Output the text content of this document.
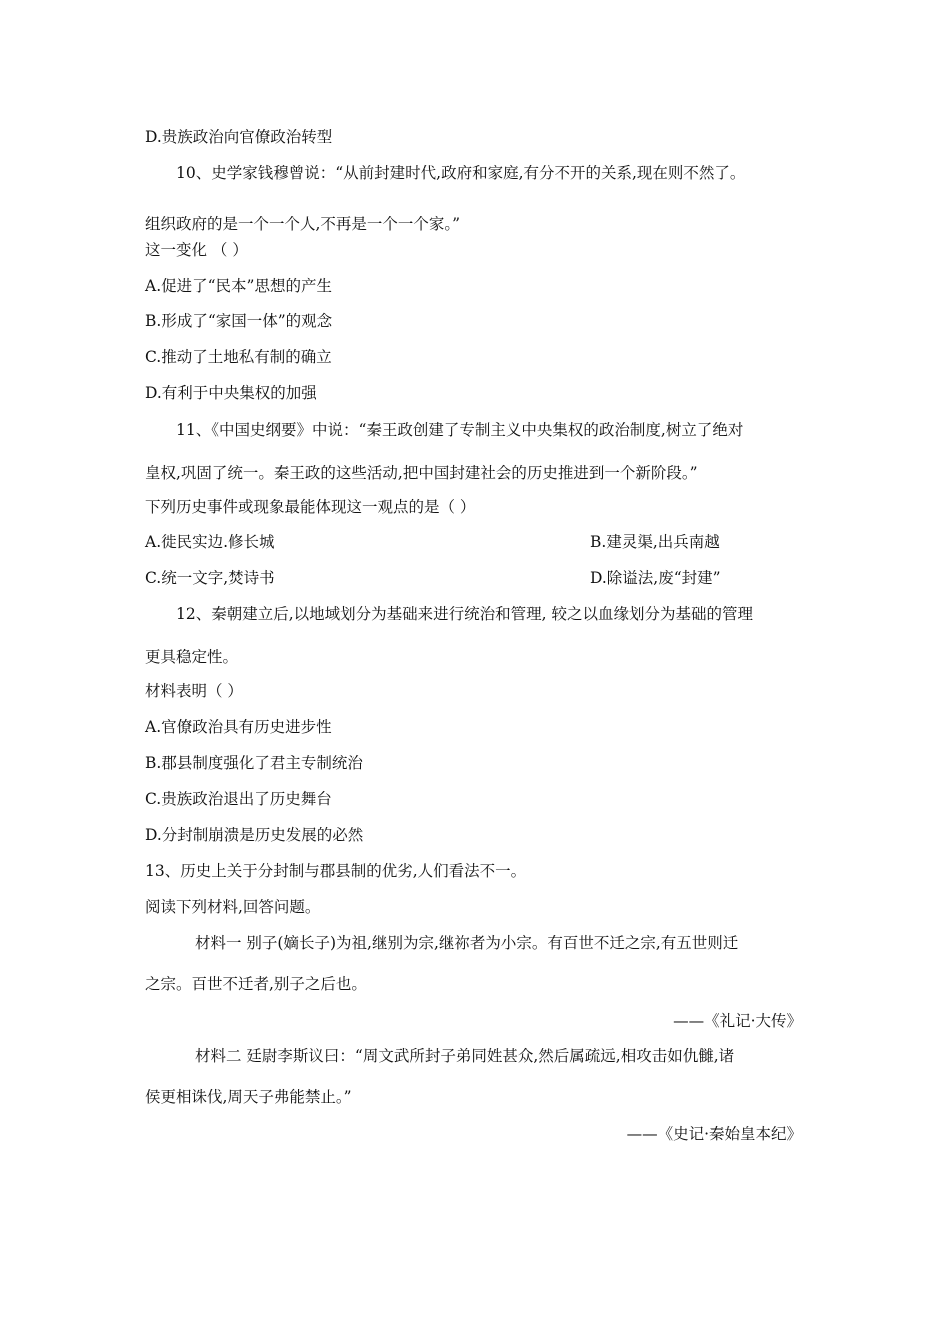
D.贵族政治向官僚政治转型
10、史学家钱穆曾说：“从前封建时代,政府和家庭,有分不开的关系,现在则不然了。
组织政府的是一个一个人,不再是一个一个家。”
这一变化 （ ）
A.促进了“民本”思想的产生
B.形成了“家国一体”的观念
C.推动了土地私有制的确立
D.有利于中央集权的加强
11、《中国史纲要》中说：“秦王政创建了专制主义中央集权的政治制度,树立了绝对
皇权,巩固了统一。秦王政的这些活动,把中国封建社会的历史推进到一个新阶段。”
下列历史事件或现象最能体现这一观点的是（ ）
A.徙民实边.修长城	B.建灵渠,出兵南越
C.统一文字,焚诗书	D.除谥法,废“封建”
12、秦朝建立后,以地域划分为基础来进行统治和管理, 较之以血缘划分为基础的管理
更具稳定性。
材料表明（ ）
A.官僚政治具有历史进步性
B.郡县制度强化了君主专制统治
C.贵族政治退出了历史舞台
D.分封制崩溃是历史发展的必然
13、历史上关于分封制与郡县制的优劣,人们看法不一。
阅读下列材料,回答问题。
材料一 别子(嫡长子)为祖,继别为宗,继祢者为小宗。有百世不迁之宗,有五世则迁
之宗。百世不迁者,别子之后也。
——《礼记·大传》
材料二 廷尉李斯议曰：“周文武所封子弟同姓甚众,然后属疏远,相攻击如仇雠,诸
侯更相诛伐,周天子弗能禁止。”
——《史记·秦始皇本纪》
